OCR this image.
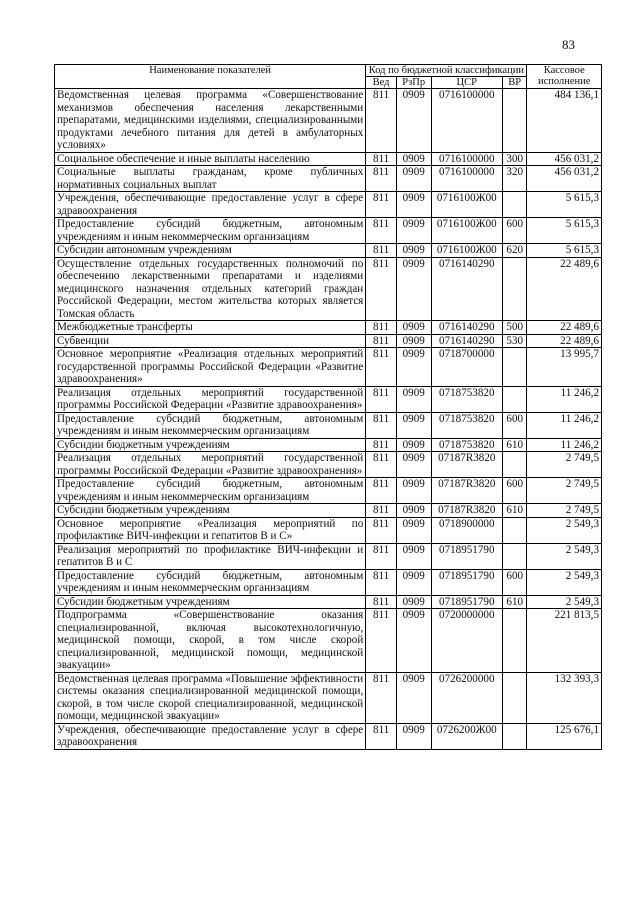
83
Наименование показателей	Код по бюджетной классификации				Кассовое исполнение
	Вед	РзПр	ЦСР	ВР	
Ведомственная целевая программа «Совершенствование механизмов обеспечения населения лекарственными препаратами, медицинскими изделиями, специализированными продуктами лечебного питания для детей в амбулаторных условиях»	811	0909	0716100000		484 136,1
Социальное обеспечение и иные выплаты населению	811	0909	0716100000	300	456 031,2
Социальные выплаты гражданам, кроме публичных нормативных социальных выплат	811	0909	0716100000	320	456 031,2
Учреждения, обеспечивающие предоставление услуг в сфере здравоохранения	811	0909	0716100Ж00		5 615,3
Предоставление субсидий бюджетным, автономным учреждениям и иным некоммерческим организациям	811	0909	0716100Ж00	600	5 615,3
Субсидии автономным учреждениям	811	0909	0716100Ж00	620	5 615,3
Осуществление отдельных государственных полномочий по обеспечению лекарственными препаратами и изделиями медицинского назначения отдельных категорий граждан Российской Федерации, местом жительства которых является Томская область	811	0909	0716140290		22 489,6
Межбюджетные трансферты	811	0909	0716140290	500	22 489,6
Субвенции	811	0909	0716140290	530	22 489,6
Основное мероприятие «Реализация отдельных мероприятий государственной программы Российской Федерации «Развитие здравоохранения»	811	0909	0718700000		13 995,7
Реализация отдельных мероприятий государственной программы Российской Федерации «Развитие здравоохранения»	811	0909	0718753820		11 246,2
Предоставление субсидий бюджетным, автономным учреждениям и иным некоммерческим организациям	811	0909	0718753820	600	11 246,2
Субсидии бюджетным учреждениям	811	0909	0718753820	610	11 246,2
Реализация отдельных мероприятий государственной программы Российской Федерации «Развитие здравоохранения»	811	0909	07187R3820		2 749,5
Предоставление субсидий бюджетным, автономным учреждениям и иным некоммерческим организациям	811	0909	07187R3820	600	2 749,5
Субсидии бюджетным учреждениям	811	0909	07187R3820	610	2 749,5
Основное мероприятие «Реализация мероприятий по профилактике ВИЧ-инфекции и гепатитов В и С»	811	0909	0718900000		2 549,3
Реализация мероприятий по профилактике ВИЧ-инфекции и гепатитов В и С	811	0909	0718951790		2 549,3
Предоставление субсидий бюджетным, автономным учреждениям и иным некоммерческим организациям	811	0909	0718951790	600	2 549,3
Субсидии бюджетным учреждениям	811	0909	0718951790	610	2 549,3
Подпрограмма «Совершенствование оказания специализированной, включая высокотехнологичную, медицинской помощи, скорой, в том числе скорой специализированной, медицинской помощи, медицинской эвакуации»	811	0909	0720000000		221 813,5
Ведомственная целевая программа «Повышение эффективности системы оказания специализированной медицинской помощи, скорой, в том числе скорой специализированной, медицинской помощи, медицинской эвакуации»	811	0909	0726200000		132 393,3
Учреждения, обеспечивающие предоставление услуг в сфере здравоохранения	811	0909	0726200Ж00		125 676,1
